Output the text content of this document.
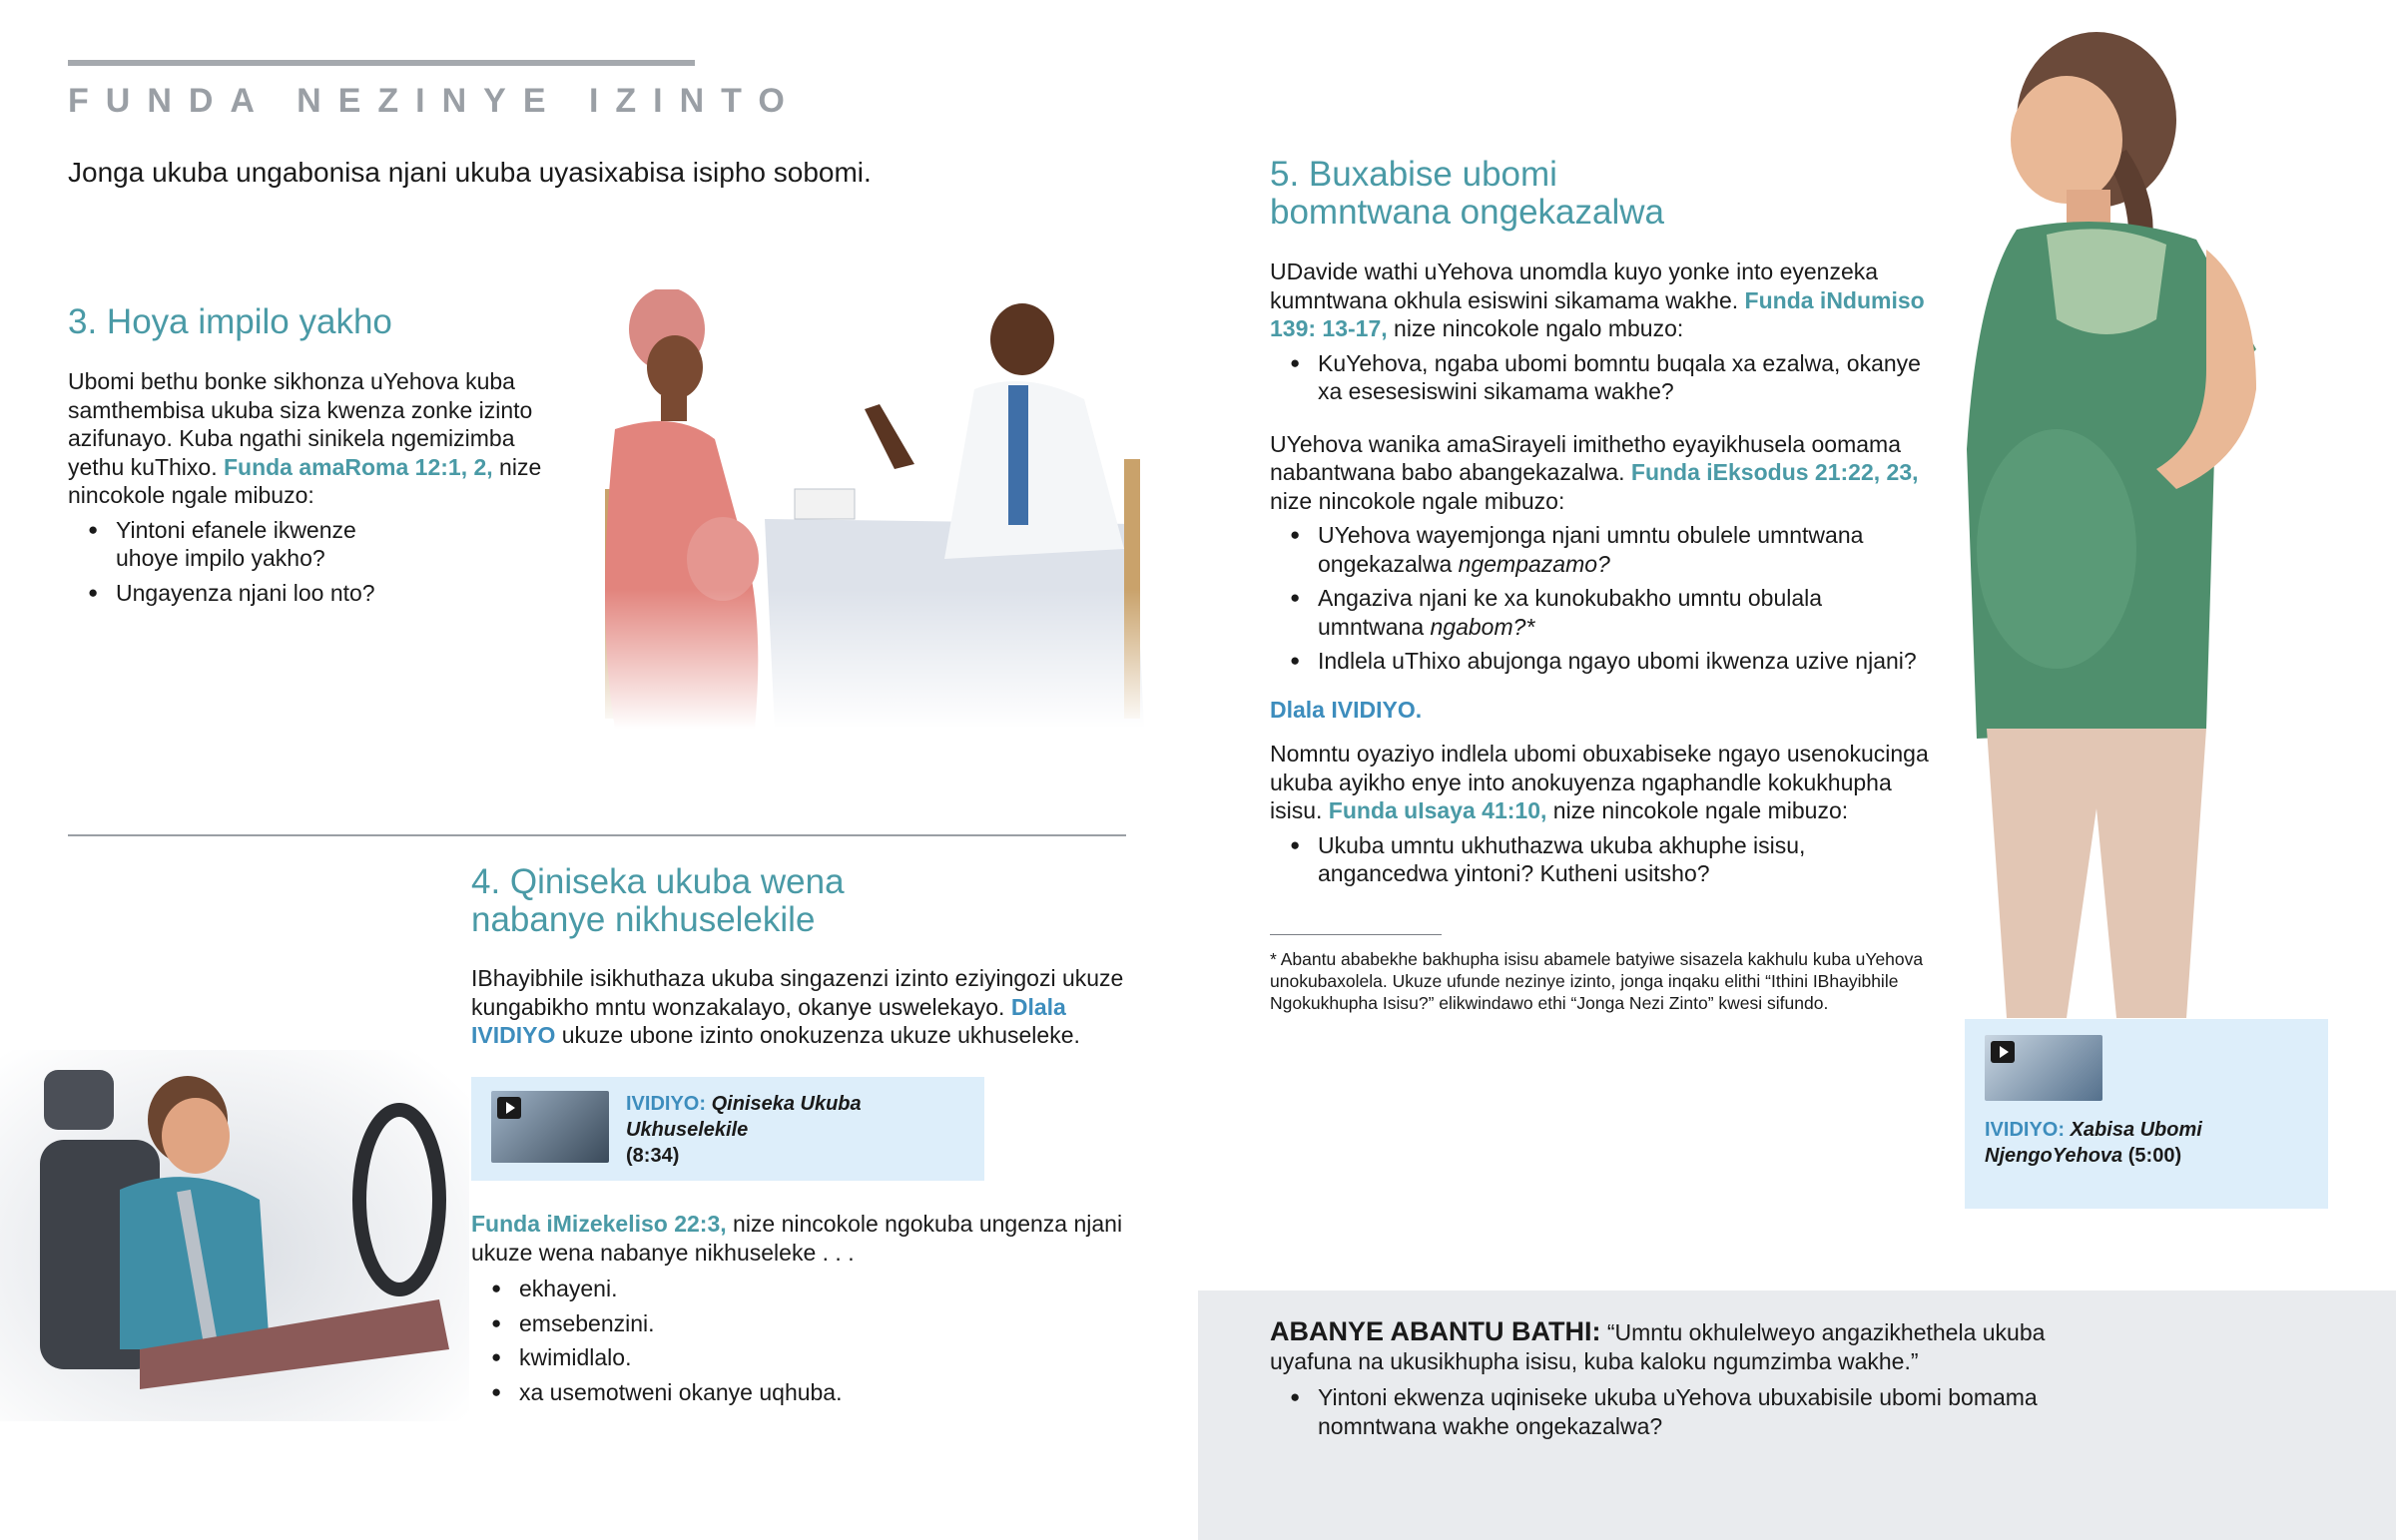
FUNDA NEZINYE IZINTO
Jonga ukuba ungabonisa njani ukuba uyasixabisa isipho sobomi.
3. Hoya impilo yakho

Ubomi bethu bonke sikhonza uYehova kuba samthembisa ukuba siza kwenza zonke izinto azifunayo. Kuba ngathi sinikela ngemizimba yethu kuThixo. Funda amaRoma 12:1, 2, nize nincokole ngale mibuzo:

● Yintoni efanele ikwenze uhoye impilo yakho?
● Ungayenza njani loo nto?
4. Qiniseka ukuba wena
nabanye nikhuselekile

IBhayibhile isikhuthaza ukuba singazenzi izinto eziyingozi ukuze kungabikho mntu wonzakalayo, okanye uswelekayo. Dlala IVIDIYO ukuze ubone izinto onokuzenza ukuze ukhuseleke.

IVIDIYO: Qiniseka Ukuba Ukhuselekile
(8:34)

Funda iMizekeliso 22:3, nize nincokole ngokuba ungenza njani ukuze wena nabanye nikhuseleke . . .

● ekhayeni.
● emsebenzini.
● kwimidlalo.
● xa usemotweni okanye uqhuba.
5. Buxabise ubomi
bomntwana ongekazalwa

UDavide wathi uYehova unomdla kuyo yonke into eyenzeka kumntwana okhula esiswini sikamama wakhe. Funda iNdumiso 139: 13-17, nize nincokole ngalo mbuzo:

● KuYehova, ngaba ubomi bomntu buqala xa ezalwa, okanye xa esesesiswini sikamama wakhe?

UYehova wanika amaSirayeli imithetho eyayikhusela oomama nabantwana babo abangekazalwa. Funda iEksodus 21:22, 23, nize nincokole ngale mibuzo:

● UYehova wayemjonga njani umntu obulele umntwana ongekazalwa ngempazamo?
● Angaziva njani ke xa kunokubakho umntu obulala umntwana ngabom?*
● Indlela uThixo abujonga ngayo ubomi ikwenza uzive njani?

Dlala IVIDIYO.

Nomntu oyaziyo indlela ubomi obuxabiseke ngayo usenokucinga ukuba ayikho enye into anokuyenza ngaphandle kokukhupha isisu. Funda uIsaya 41:10, nize nincokole ngale mibuzo:

● Ukuba umntu ukhuthazwa ukuba akhuphe isisu, angancedwa yintoni? Kutheni usitsho?
* Abantu ababekhe bakhupha isisu abamele batyiwe sisazela kakhulu kuba uYehova unokubaxolela. Ukuze ufunde nezinye izinto, jonga inqaku elithi “Ithini IBhayibhile Ngokukhupha Isisu?” elikwindawo ethi “Jonga Nezi Zinto” kwesi sifundo.
IVIDIYO: Xabisa Ubomi NjengoYehova (5:00)

ABANYE ABANTU BATHI: “Umntu okhulelweyo angazikhethela ukuba uyafuna na ukusikhupha isisu, kuba kaloku ngumzimba wakhe.”

● Yintoni ekwenza uqiniseke ukuba uYehova ubuxabisile ubomi bomama nomntwana wakhe ongekazalwa?
